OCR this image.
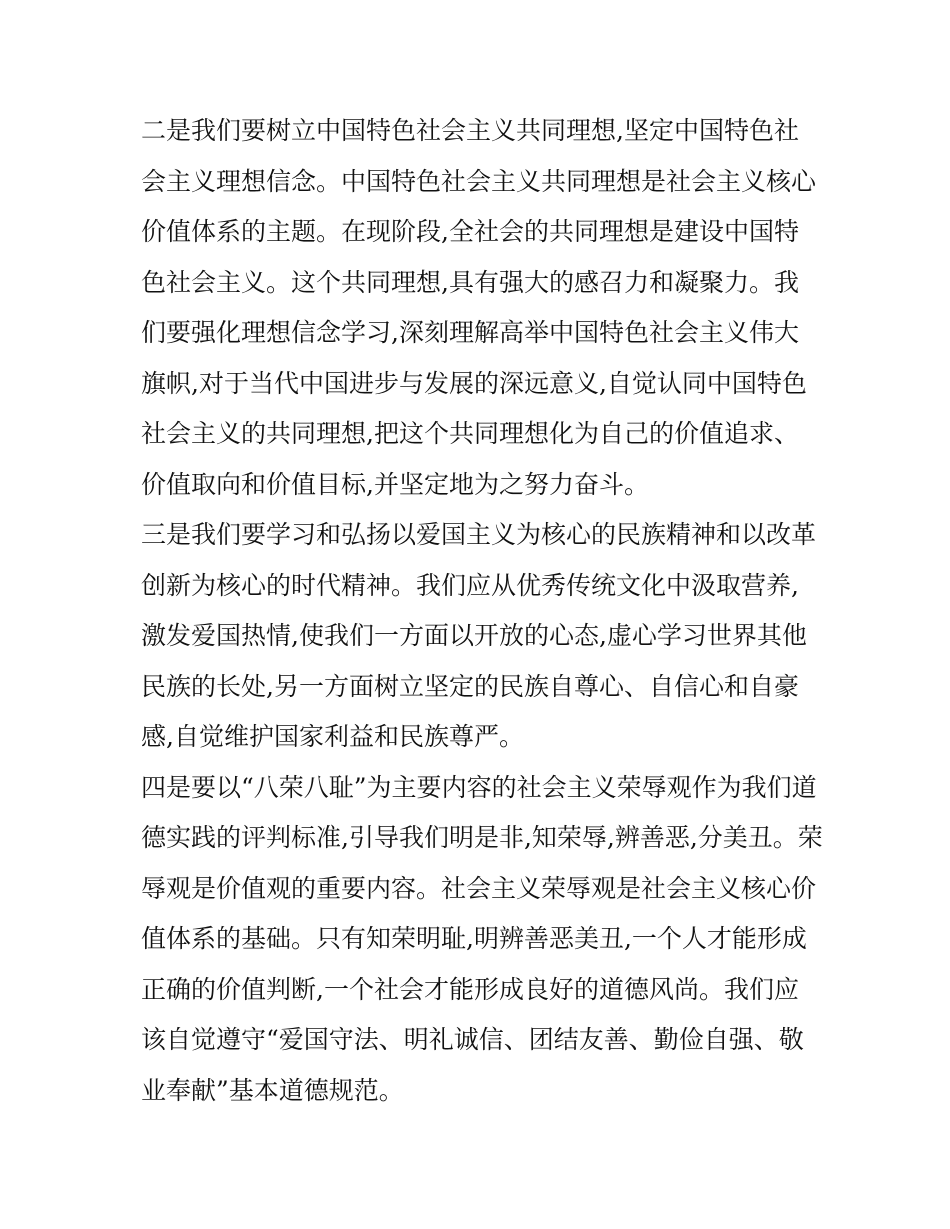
二是我们要树立中国特色社会主义共同理想,坚定中国特色社
会主义理想信念。中国特色社会主义共同理想是社会主义核心
价值体系的主题。在现阶段,全社会的共同理想是建设中国特
色社会主义。这个共同理想,具有强大的感召力和凝聚力。我
们要强化理想信念学习,深刻理解高举中国特色社会主义伟大
旗帜,对于当代中国进步与发展的深远意义,自觉认同中国特色
社会主义的共同理想,把这个共同理想化为自己的价值追求、
价值取向和价值目标,并坚定地为之努力奋斗。
三是我们要学习和弘扬以爱国主义为核心的民族精神和以改革
创新为核心的时代精神。我们应从优秀传统文化中汲取营养,
激发爱国热情,使我们一方面以开放的心态,虚心学习世界其他
民族的长处,另一方面树立坚定的民族自尊心、自信心和自豪
感,自觉维护国家利益和民族尊严。
四是要以“八荣八耻”为主要内容的社会主义荣辱观作为我们道
德实践的评判标准,引导我们明是非,知荣辱,辨善恶,分美丑。荣
辱观是价值观的重要内容。社会主义荣辱观是社会主义核心价
值体系的基础。只有知荣明耻,明辨善恶美丑,一个人才能形成
正确的价值判断,一个社会才能形成良好的道德风尚。我们应
该自觉遵守“爱国守法、明礼诚信、团结友善、勤俭自强、敬
业奉献”基本道德规范。
